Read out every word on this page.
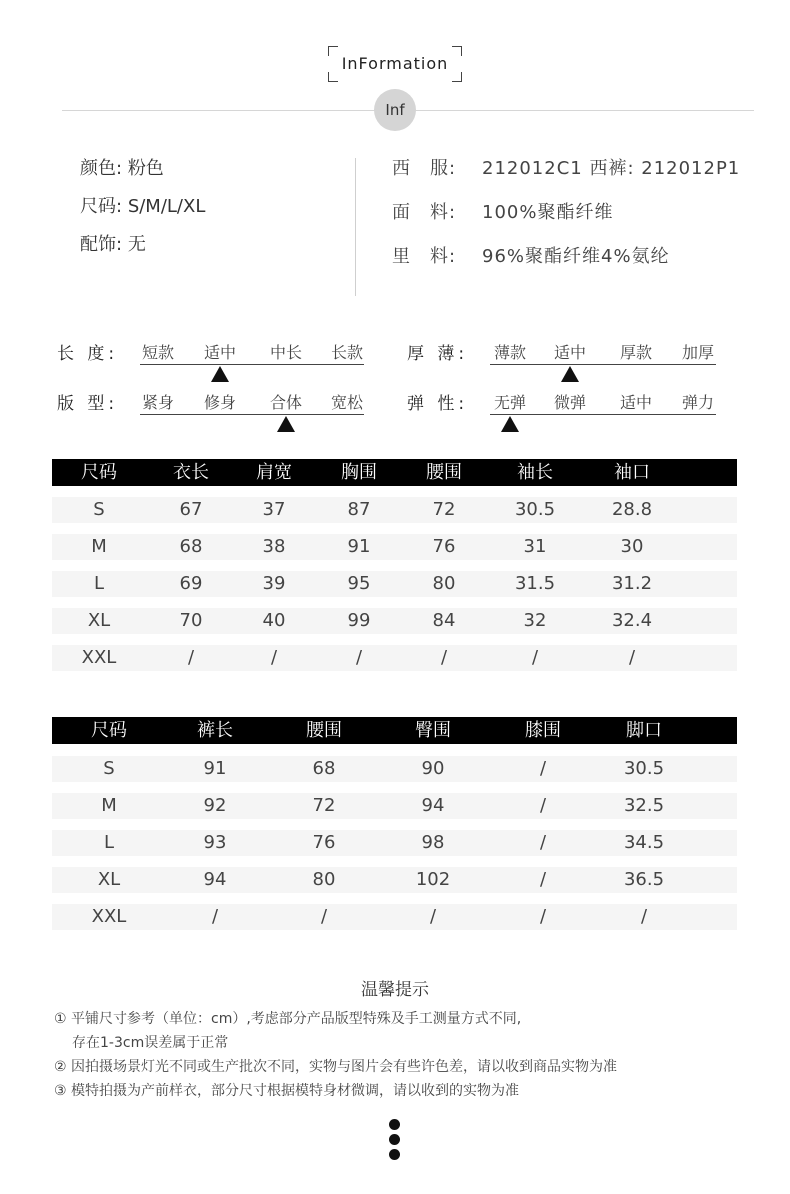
InFormation
Inf
颜色: 粉色
尺码: S/M/L/XL
配饰: 无
西　服: 212012C1 西裤: 212012P1
面　料: 100%聚酯纤维
里　料: 96%聚酯纤维4%氨纶
长 度: 短款 适中 中长 长款	厚 薄: 薄款 适中 厚款 加厚
版 型: 紧身 修身 合体 宽松	弹 性: 无弹 微弹 适中 弹力
尺码	衣长	肩宽	胸围	腰围	袖长	袖口
S	67	37	87	72	30.5	28.8
M	68	38	91	76	31	30
L	69	39	95	80	31.5	31.2
XL	70	40	99	84	32	32.4
XXL	/	/	/	/	/	/
尺码	裤长	腰围	臀围	膝围	脚口
S	91	68	90	/	30.5
M	92	72	94	/	32.5
L	93	76	98	/	34.5
XL	94	80	102	/	36.5
XXL	/	/	/	/	/
温馨提示
① 平铺尺寸参考（单位：cm）,考虑部分产品版型特殊及手工测量方式不同,
存在1-3cm误差属于正常
② 因拍摄场景灯光不同或生产批次不同，实物与图片会有些许色差，请以收到商品实物为准
③ 模特拍摄为产前样衣，部分尺寸根据模特身材微调，请以收到的实物为准
